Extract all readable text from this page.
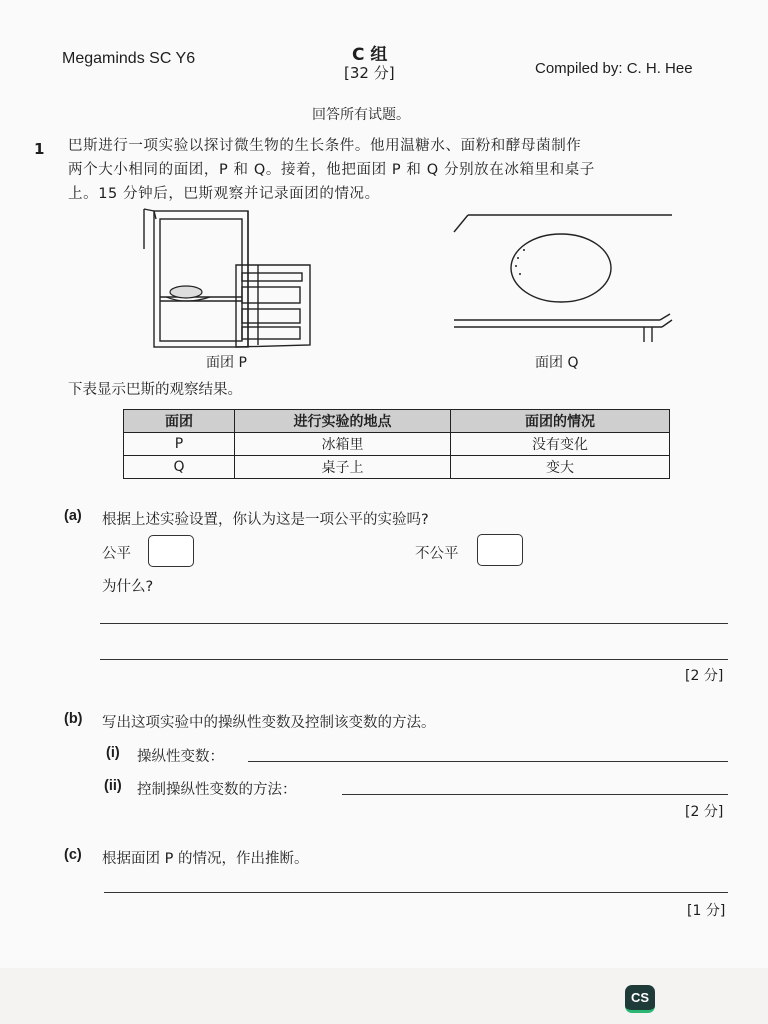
Megaminds SC Y6	C 组
[32 分]	Compiled by: C. H. Hee
回答所有试题。
1 巴斯进行一项实验以探讨微生物的生长条件。他用温糖水、面粉和酵母菌制作
两个大小相同的面团，P 和 Q。接着，他把面团 P 和 Q 分别放在冰箱里和桌子
上。15 分钟后，巴斯观察并记录面团的情况。
面团 P	面团 Q
下表显示巴斯的观察结果。
面团	进行实验的地点	面团的情况
P	冰箱里	没有变化
Q	桌子上	变大
(a) 根据上述实验设置，你认为这是一项公平的实验吗?
公平	不公平
为什么?
[2 分]
(b) 写出这项实验中的操纵性变数及控制该变数的方法。
(i) 操纵性变数：
(ii) 控制操纵性变数的方法：
[2 分]
(c) 根据面团 P 的情况，作出推断。
[1 分]
CS
